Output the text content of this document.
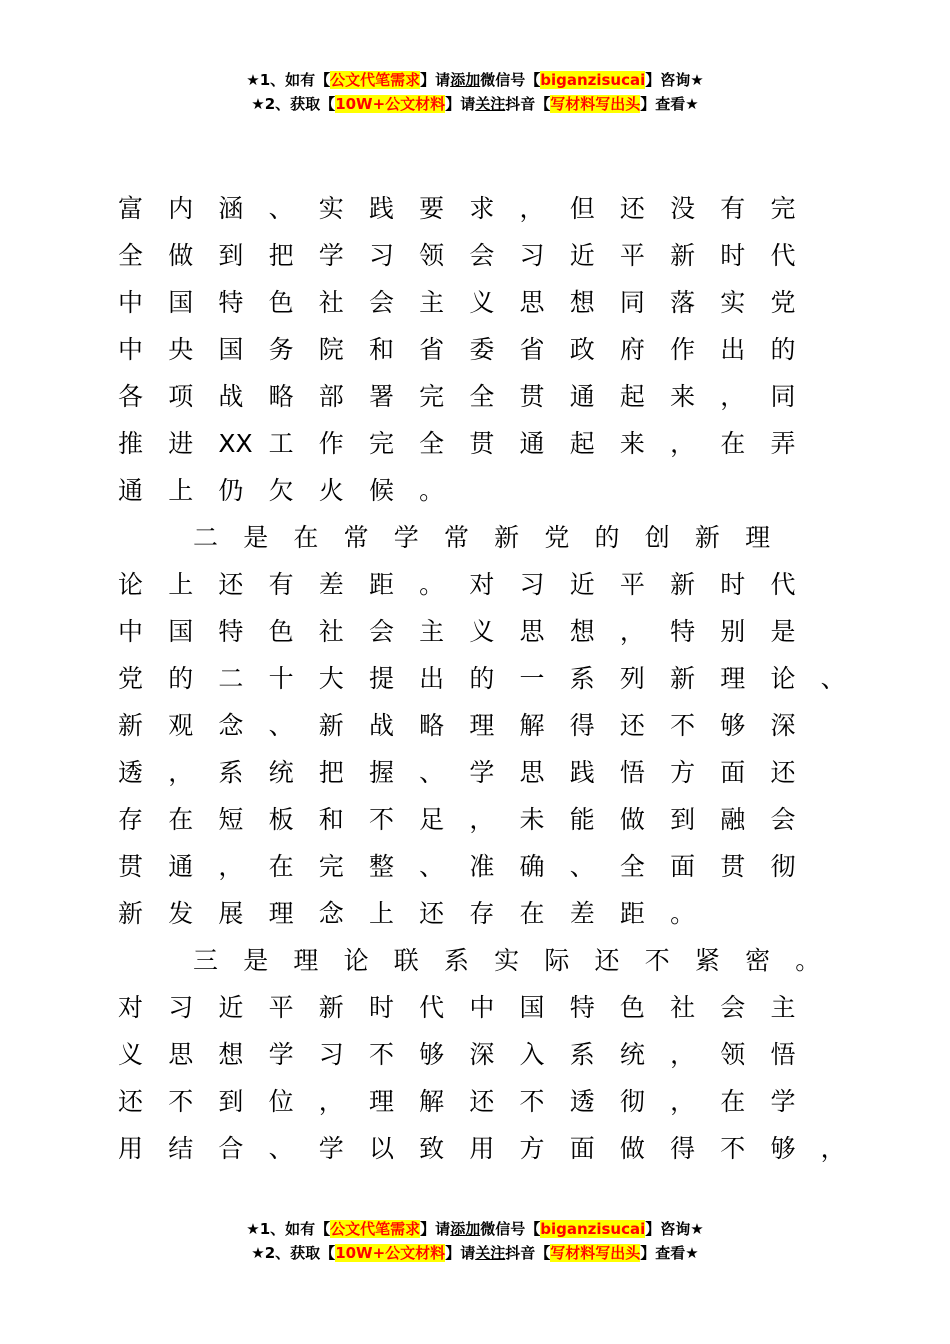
★1、如有【公文代笔需求】请添加微信号【biganzisucai】咨询★
★2、获取【10W+公文材料】请关注抖音【写材料写出头】查看★
富	内	涵	、	实	践	要	求	，	但	还	没	有	完
全	做	到	把	学	习	领	会	习	近	平	新	时	代
中	国	特	色	社	会	主	义	思	想	同	落	实	党
中	央	国	务	院	和	省	委	省	政	府	作	出	的
各	项	战	略	部	署	完	全	贯	通	起	来	，	同
推	进	XX 工	作	完	全	贯	通	起	来	，	在	弄
通	上	仍	欠	火	候	。
二	是	在	常	学	常	新	党	的	创	新	理
论	上	还	有	差	距	。	对	习	近	平	新	时	代
中	国	特	色	社	会	主	义	思	想	，	特	别	是
党	的	二	十	大	提	出	的	一	系	列	新	理	论	、
新	观	念	、	新	战	略	理	解	得	还	不	够	深
透	，	系	统	把	握	、	学	思	践	悟	方	面	还
存	在	短	板	和	不	足	，	未	能	做	到	融	会
贯	通	，	在	完	整	、	准	确	、	全	面	贯	彻
新	发	展	理	念	上	还	存	在	差	距	。
三	是	理	论	联	系	实	际	还	不	紧	密	。
对	习	近	平	新	时	代	中	国	特	色	社	会	主
义	思	想	学	习	不	够	深	入	系	统	，	领	悟
还	不	到	位	，	理	解	还	不	透	彻	，	在	学
用	结	合	、	学	以	致	用	方	面	做	得	不	够	，
★1、如有【公文代笔需求】请添加微信号【biganzisucai】咨询★
★2、获取【10W+公文材料】请关注抖音【写材料写出头】查看★
